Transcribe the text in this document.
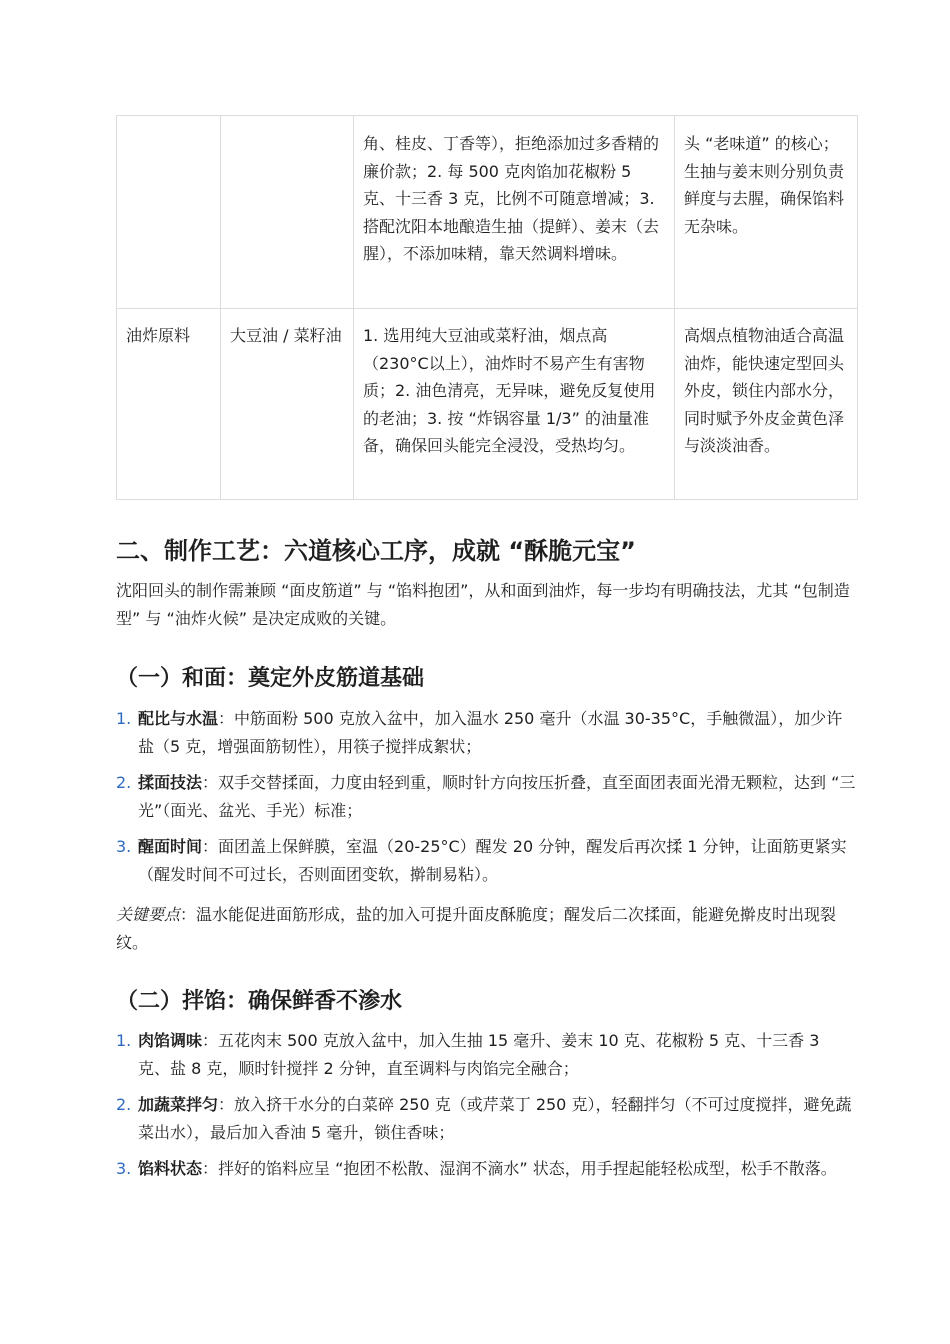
		角、桂皮、丁香等），拒绝添加过多香精的廉价款；2. 每 500 克肉馅加花椒粉 5 克、十三香 3 克，比例不可随意增减；3. 搭配沈阳本地酿造生抽（提鲜）、姜末（去腥），不添加味精，靠天然调料增味。	头 “老味道” 的核心；生抽与姜末则分别负责鲜度与去腥，确保馅料无杂味。
油炸原料	大豆油 / 菜籽油	1. 选用纯大豆油或菜籽油，烟点高（230°C以上），油炸时不易产生有害物质；2. 油色清亮，无异味，避免反复使用的老油；3. 按 “炸锅容量 1/3” 的油量准备，确保回头能完全浸没，受热均匀。	高烟点植物油适合高温油炸，能快速定型回头外皮，锁住内部水分，同时赋予外皮金黄色泽与淡淡油香。
二、制作工艺：六道核心工序，成就 “酥脆元宝”

沈阳回头的制作需兼顾 “面皮筋道” 与 “馅料抱团”，从和面到油炸，每一步均有明确技法，尤其 “包制造型” 与 “油炸火候” 是决定成败的关键。

（一）和面：奠定外皮筋道基础
1. 配比与水温：中筋面粉 500 克放入盆中，加入温水 250 毫升（水温 30-35°C，手触微温），加少许盐（5 克，增强面筋韧性），用筷子搅拌成絮状；
2. 揉面技法：双手交替揉面，力度由轻到重，顺时针方向按压折叠，直至面团表面光滑无颗粒，达到 “三光”（面光、盆光、手光）标准；
3. 醒面时间：面团盖上保鲜膜，室温（20-25°C）醒发 20 分钟，醒发后再次揉 1 分钟，让面筋更紧实（醒发时间不可过长，否则面团变软，擀制易粘）。

关键要点：温水能促进面筋形成，盐的加入可提升面皮酥脆度；醒发后二次揉面，能避免擀皮时出现裂纹。

（二）拌馅：确保鲜香不渗水
1. 肉馅调味：五花肉末 500 克放入盆中，加入生抽 15 毫升、姜末 10 克、花椒粉 5 克、十三香 3 克、盐 8 克，顺时针搅拌 2 分钟，直至调料与肉馅完全融合；
2. 加蔬菜拌匀：放入挤干水分的白菜碎 250 克（或芹菜丁 250 克），轻翻拌匀（不可过度搅拌，避免蔬菜出水），最后加入香油 5 毫升，锁住香味；
3. 馅料状态：拌好的馅料应呈 “抱团不松散、湿润不滴水” 状态，用手捏起能轻松成型，松手不散落。
